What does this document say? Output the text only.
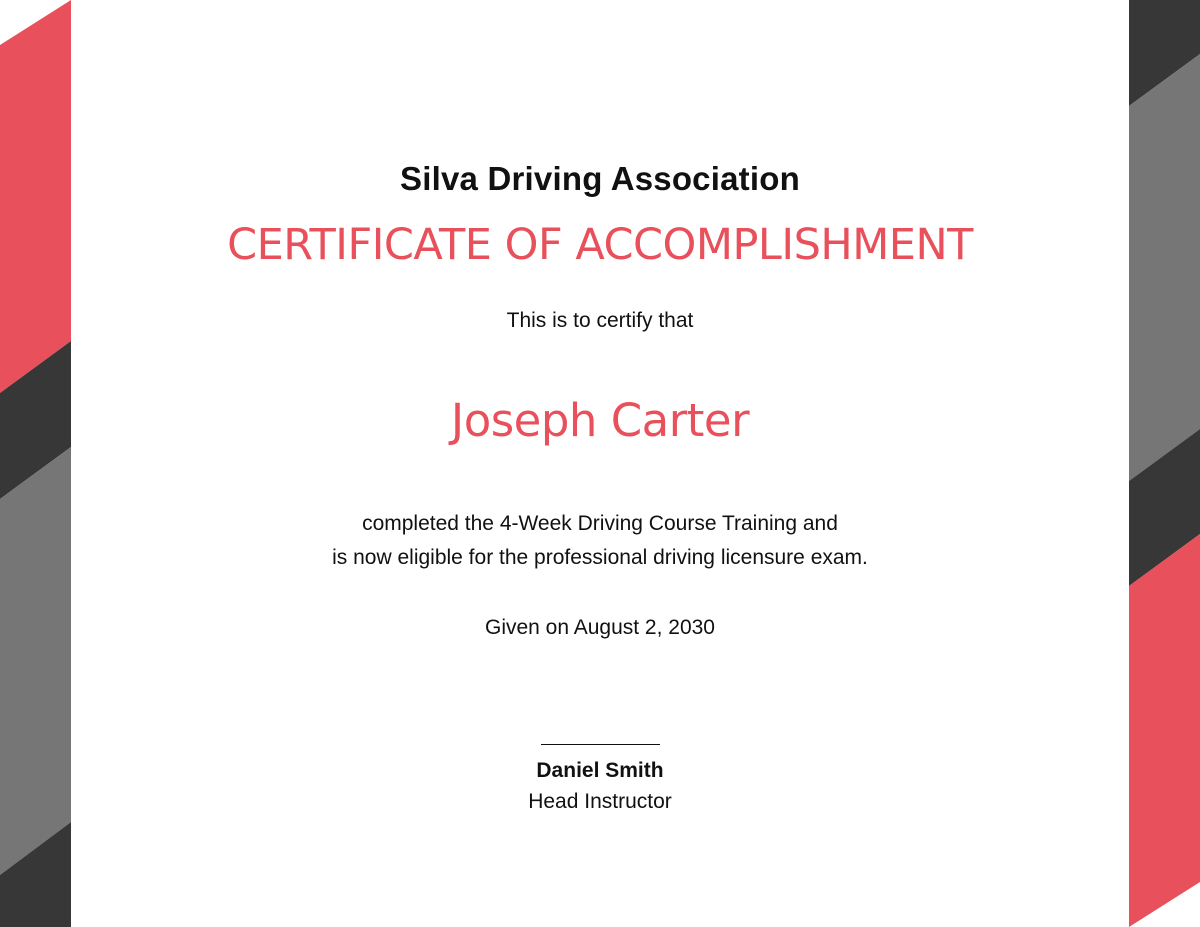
Silva Driving Association
CERTIFICATE OF ACCOMPLISHMENT
This is to certify that
Joseph Carter
completed the 4-Week Driving Course Training and
is now eligible for the professional driving licensure exam.
Given on August 2, 2030
Daniel Smith
Head Instructor
